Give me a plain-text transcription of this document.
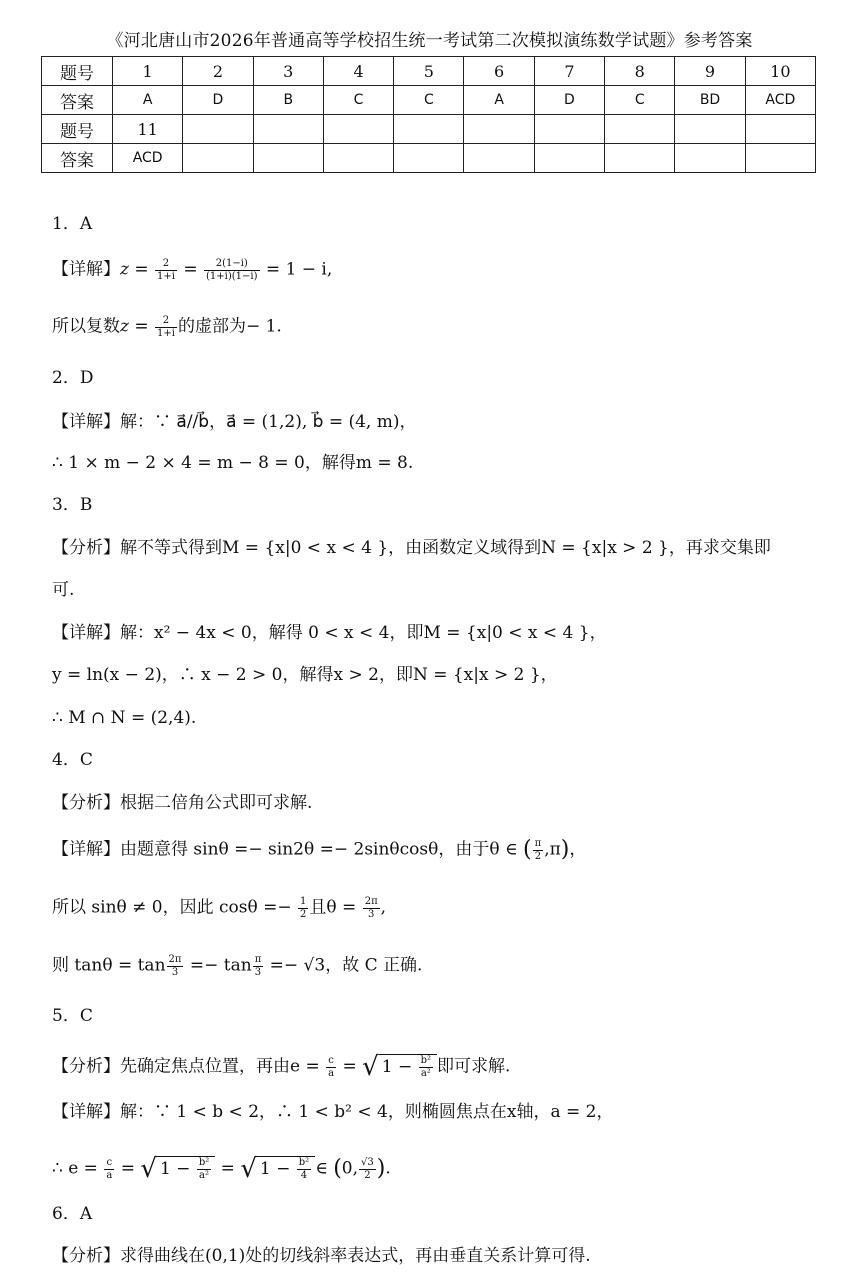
《河北唐山市2026年普通高等学校招生统一考试第二次模拟演练数学试题》参考答案
题号	1	2	3	4	5	6	7	8	9	10
答案	A	D	B	C	C	A	D	C	BD	ACD
题号	11									
答案	ACD									
1．A
【详解】$z = \frac{2}{1+i} = \frac{2(1-i)}{(1+i)(1-i)} = 1 - i$,
所以复数$z = \frac{2}{1+i}$ 的虚部为− 1.
2．D
【详解】解：∵ a⃗//b⃗，a⃗ = (1,2), b⃗ = (4, m)，
∴ 1 × m − 2 × 4 = m − 8 = 0，解得m = 8.
3．B
【分析】解不等式得到M = {x|0 < x < 4 }，由函数定义域得到N = {x|x > 2 }，再求交集即
可.
【详解】解：x² − 4x < 0，解得 0 < x < 4，即M = {x|0 < x < 4 }，
y = ln(x − 2)，∴ x − 2 > 0，解得x > 2，即N = {x|x > 2 }，
∴ M ∩ N = (2,4).
4．C
【分析】根据二倍角公式即可求解.
【详解】由题意得 sinθ =− sin2θ =− 2sinθcosθ，由于θ ∈ ( $\frac{\pi}{2} ,\pi$)，
所以 sinθ ≠ 0，因此 $\cos\theta =- \frac{1}{2}$ 且$\theta = \frac{2\pi}{3}$ ,
则 $\tan\theta = \tan \frac{2\pi}{3} =- \tan \frac{\pi}{3} =- √3$，故 C 正确.
5．C
【分析】先确定焦点位置，再由$e = \frac{c}{a}$ = √ $1 - \frac{\text{b²}}{\text{a²}}$ 即可求解.
【详解】解：∵ 1 < b < 2，∴ 1 < b² < 4，则椭圆焦点在x轴，a = 2，
∴ $e = \frac{c}{a}$ = √ $1 - \frac{\text{b²}}{\text{a²}}$ = √ $1 - \frac{\text{b²}}{4}$ ∈ (0, $\frac{√3}{2}$ ).
6．A
【分析】求得曲线在(0,1)处的切线斜率表达式，再由垂直关系计算可得.
